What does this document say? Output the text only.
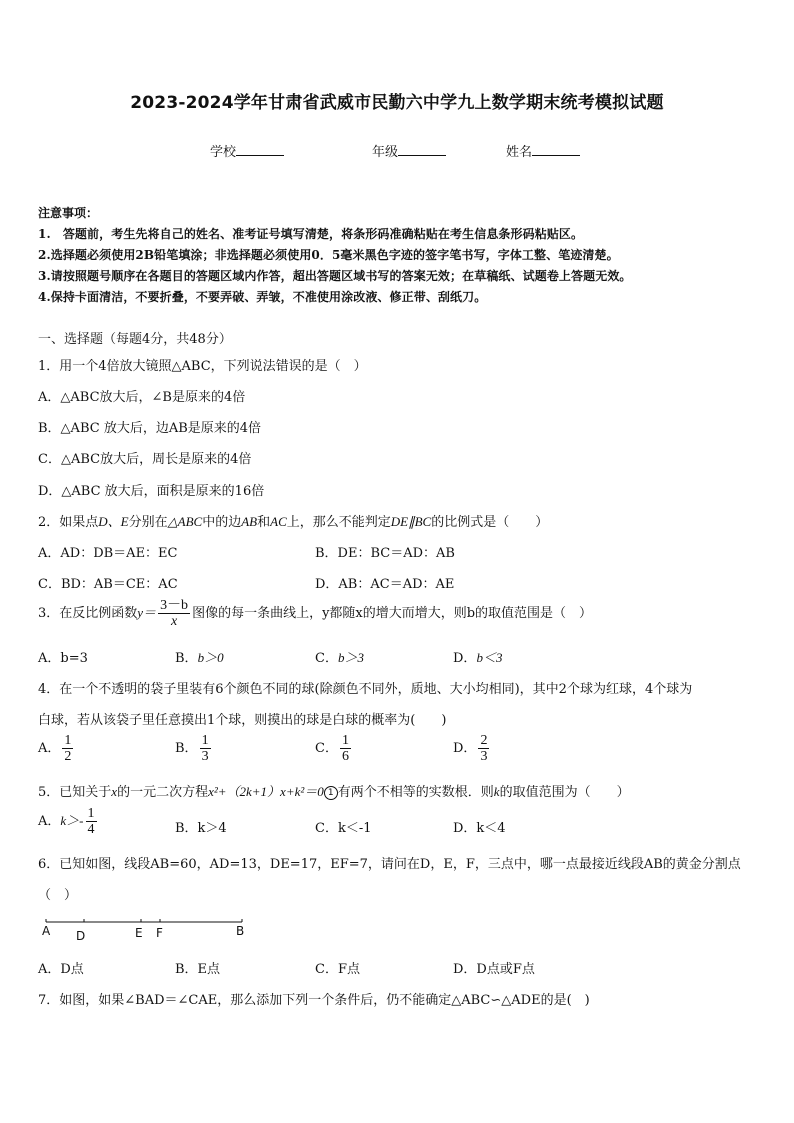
2023-2024学年甘肃省武威市民勤六中学九上数学期末统考模拟试题
学校	年级	姓名
注意事项：
1.　答题前，考生先将自己的姓名、准考证号填写清楚，将条形码准确粘贴在考生信息条形码粘贴区。
2.选择题必须使用2B铅笔填涂；非选择题必须使用0．5毫米黑色字迹的签字笔书写，字体工整、笔迹清楚。
3.请按照题号顺序在各题目的答题区域内作答，超出答题区域书写的答案无效；在草稿纸、试题卷上答题无效。
4.保持卡面清洁，不要折叠，不要弄破、弄皱，不准使用涂改液、修正带、刮纸刀。
一、选择题（每题4分，共48分）
1．用一个4倍放大镜照△ABC，下列说法错误的是（　）
A．△ABC放大后，∠B是原来的4倍
B．△ABC 放大后，边AB是原来的4倍
C．△ABC放大后，周长是原来的4倍
D．△ABC 放大后，面积是原来的16倍
2．如果点D、E分别在△ABC中的边AB和AC上，那么不能判定DE∥BC的比例式是（　　）
A．AD：DB＝AE：EC	B．DE：BC＝AD：AB
C．BD：AB＝CE：AC	D．AB：AC＝AD：AE
3．在反比例函数$y= \frac{3-b}{x}$ 图像的每一条曲线上，y都随x的增大而增大，则b的取值范围是（　）
A．b=3	B．b＞0	C．b＞3	D．b＜3
4．在一个不透明的袋子里装有6个颜色不同的球(除颜色不同外，质地、大小均相同)，其中2个球为红球，4个球为
白球，若从该袋子里任意摸出1个球，则摸出的球是白球的概率为(　　)
A． $\frac{1}{2}$	B． $\frac{1}{3}$	C． $\frac{1}{6}$	D． $\frac{2}{3}$
5．已知关于x的一元二次方程x²+（2k+1）x+k²＝0 1 有两个不相等的实数根．则k的取值范围为（　　）
A．$k>- \frac{1}{4}$	B．k＞4	C．k＜-1	D．k＜4
6．已知如图，线段AB=60，AD=13，DE=17，EF=7，请问在D，E，F，三点中，哪一点最接近线段AB的黄金分割点
（　）
A D	E F	B
A．D点	B．E点	C．F点	D．D点或F点
7．如图，如果∠BAD＝∠CAE，那么添加下列一个条件后，仍不能确定△ABC∽△ADE的是(　)
